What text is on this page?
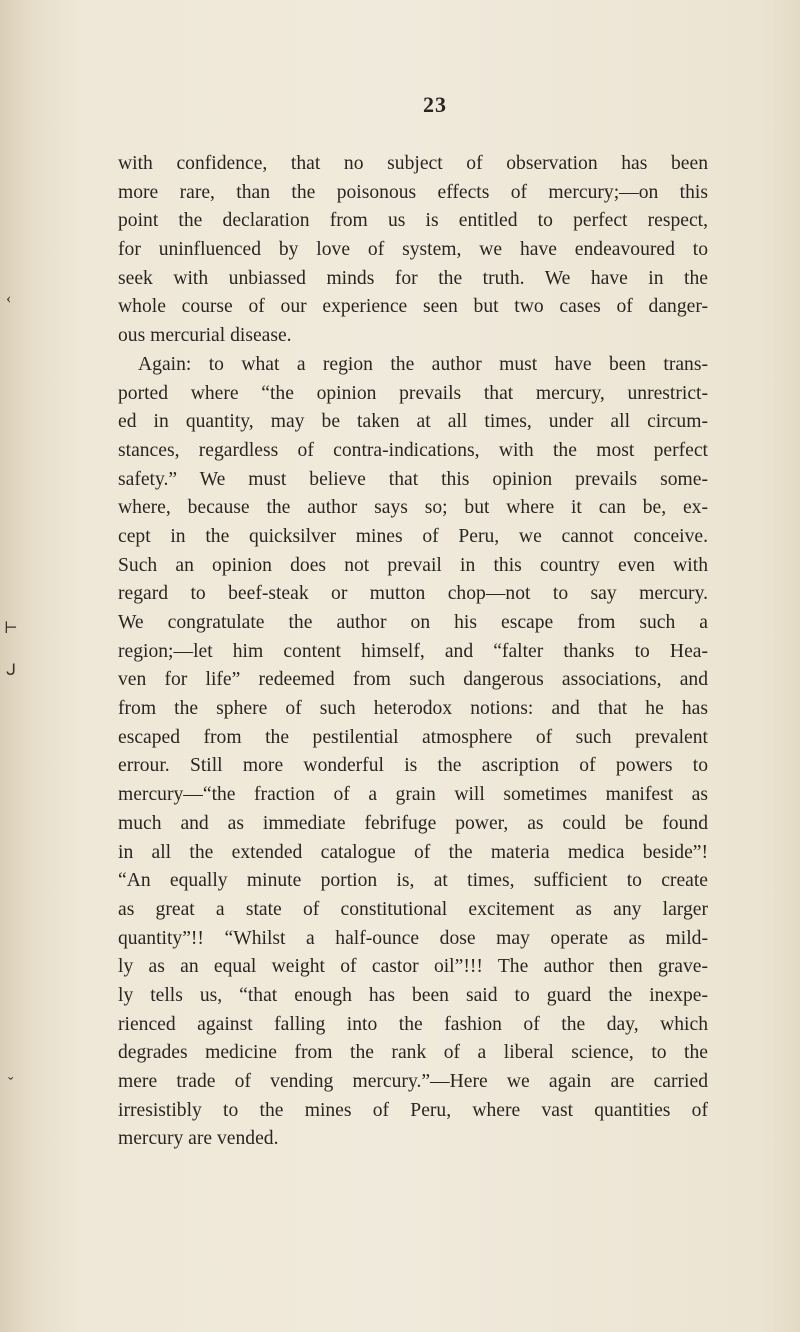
23
‹
⊢
ᒍ
ˇ
with confidence, that no subject of observation has been
more rare, than the poisonous effects of mercury;—on this
point the declaration from us is entitled to perfect respect,
for uninfluenced by love of system, we have endeavoured to
seek with unbiassed minds for the truth. We have in the
whole course of our experience seen but two cases of danger-
ous mercurial disease.
Again: to what a region the author must have been trans-
ported where “the opinion prevails that mercury, unrestrict-
ed in quantity, may be taken at all times, under all circum-
stances, regardless of contra-indications, with the most perfect
safety.” We must believe that this opinion prevails some-
where, because the author says so; but where it can be, ex-
cept in the quicksilver mines of Peru, we cannot conceive.
Such an opinion does not prevail in this country even with
regard to beef-steak or mutton chop—not to say mercury.
We congratulate the author on his escape from such a
region;—let him content himself, and “falter thanks to Hea-
ven for life” redeemed from such dangerous associations, and
from the sphere of such heterodox notions: and that he has
escaped from the pestilential atmosphere of such prevalent
errour. Still more wonderful is the ascription of powers to
mercury—“the fraction of a grain will sometimes manifest as
much and as immediate febrifuge power, as could be found
in all the extended catalogue of the materia medica beside”!
“An equally minute portion is, at times, sufficient to create
as great a state of constitutional excitement as any larger
quantity”!! “Whilst a half-ounce dose may operate as mild-
ly as an equal weight of castor oil”!!! The author then grave-
ly tells us, “that enough has been said to guard the inexpe-
rienced against falling into the fashion of the day, which
degrades medicine from the rank of a liberal science, to the
mere trade of vending mercury.”—Here we again are carried
irresistibly to the mines of Peru, where vast quantities of
mercury are vended.
